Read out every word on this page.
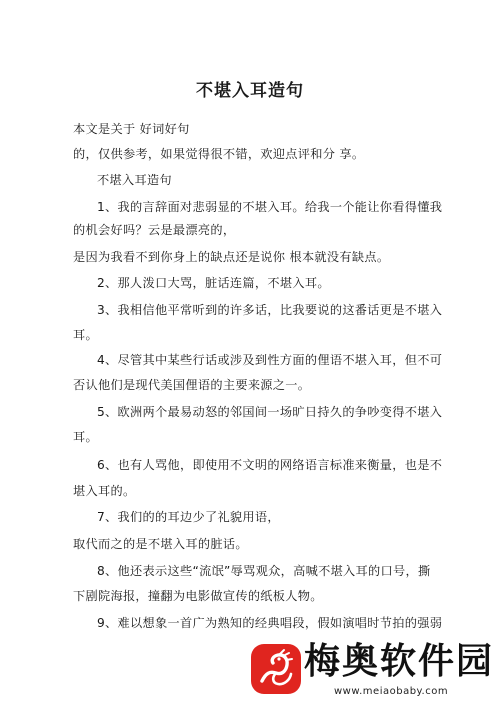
不堪入耳造句
本文是关于 好词好句
的，仅供参考，如果觉得很不错，欢迎点评和分 享。
不堪入耳造句
1、我的言辞面对悲弱显的不堪入耳。给我一个能让你看得懂我
的机会好吗？云是最漂亮的，
是因为我看不到你身上的缺点还是说你 根本就没有缺点。
2、那人泼口大骂，脏话连篇，不堪入耳。
3、我相信他平常听到的许多话，比我要说的这番话更是不堪入
耳。
4、尽管其中某些行话或涉及到性方面的俚语不堪入耳，但不可
否认他们是现代美国俚语的主要来源之一。
5、欧洲两个最易动怒的邻国间一场旷日持久的争吵变得不堪入
耳。
6、也有人骂他，即使用不文明的网络语言标准来衡量，也是不
堪入耳的。
7、我们的的耳边少了礼貌用语，
取代而之的是不堪入耳的脏话。
8、他还表示这些“流氓”辱骂观众，高喊不堪入耳的口号，撕
下剧院海报，撞翻为电影做宣传的纸板人物。
9、难以想象一首广为熟知的经典唱段，假如演唱时节拍的强弱
梅奥软件园
www.meiaobaby.com
